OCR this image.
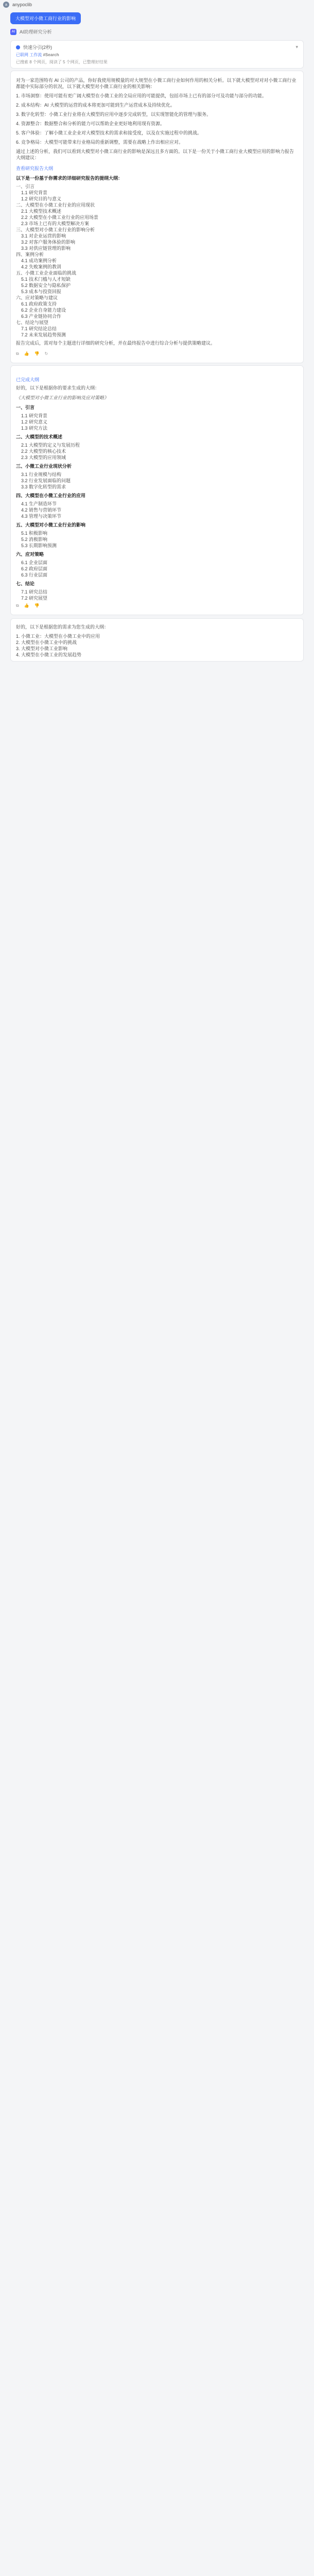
a	anypoclib
大模型对小微工商行业的影响
AI AI助理研究分析
快速分引(2秒)	▾
已联网 工作流 #Search
已搜索 8 个网页，阅读了 5 个网页，已整理好结果

对为一家范围特有 AI 公司的产品，你好我使用规模量的对大规型在小微工商行业如何作用的相关分析。以下就大模型对对对小微工商行业都能中实际部分的状况，以下就大模型对小微工商行业的相关影响：

1. 市场洞察：使用可能有更广阔大模型在小微工业的全局应用的可能提供，包括市场上已有的部分可及功能与部分的功能。

2. 成本结构：AI 大模型的运营的成本将更加可能到生产运营成本及持续优化。

3. 数字化转型：小微工业行业将在大模型的应用中逐步完成转型，以实现智能化的管理与服务。

4. 资源整合：数据整合和分析的能力可以帮助企业更好地利用现有资源。

5. 客户体验：了解小微工业企业对大模型技术的需求和接受度，以及在实施过程中的挑战。

6. 竞争格局：大模型可能带来行业格局的重新调整，需要在战略上作出相应应对。

通过上述的分析，我们可以看到大模型对小微工商行业的影响是深远且多方面的。以下是一份关于小微工商行业大模型应用的影响力报告大纲建议：

查看研究报告大纲
以下是一份基于你需求的详细研究报告的提纲大纲：
一、引言
1.1 研究背景
1.2 研究目的与意义
二、大模型在小微工业行业的应用现状
2.1 大模型技术概述
2.2 大模型在小微工业行业的应用场景
2.3 市场上已有的大模型解决方案
三、大模型对小微工业行业的影响分析
3.1 对企业运营的影响
3.2 对客户服务体验的影响
3.3 对供应链管理的影响
四、案例分析
4.1 成功案例分析
4.2 失败案例的教训
五、小微工业企业面临的挑战
5.1 技术门槛与人才短缺
5.2 数据安全与隐私保护
5.3 成本与投资回报
六、应对策略与建议
6.1 政府政策支持
6.2 企业自身能力建设
6.3 产业链协同合作
七、结论与展望
7.1 研究结论总结
7.2 未来发展趋势预测

报告完成后，需对每个主题进行详细的研究分析，并在最终报告中进行综合分析与提供策略建议。

⧉ 👍 👎 ↻
已完成大纲

好的，以下是根据你的要求生成的大纲：

《大模型对小微工业行业的影响及应对策略》
一、引言
1.1 研究背景
1.2 研究意义
1.3 研究方法
二、大模型的技术概述
2.1 大模型的定义与发展历程
2.2 大模型的核心技术
2.3 大模型的应用领域
三、小微工业行业现状分析
3.1 行业规模与结构
3.2 行业发展面临的问题
3.3 数字化转型的需求
四、大模型在小微工业行业的应用
4.1 生产制造环节
4.2 销售与营销环节
4.3 管理与决策环节
五、大模型对小微工业行业的影响
5.1 积极影响
5.2 消极影响
5.3 长期影响预测
六、应对策略
6.1 企业层面
6.2 政府层面
6.3 行业层面
七、结论
7.1 研究总结
7.2 研究展望
⧉ 👍 👎

好的，以下是根据您的需求为您生成的大纲：

1. 小微工业：大模型在小微工业中的应用
2. 大模型在小微工业中的挑战
3. 大模型对小微工业影响
4. 大模型在小微工业的发展趋势
